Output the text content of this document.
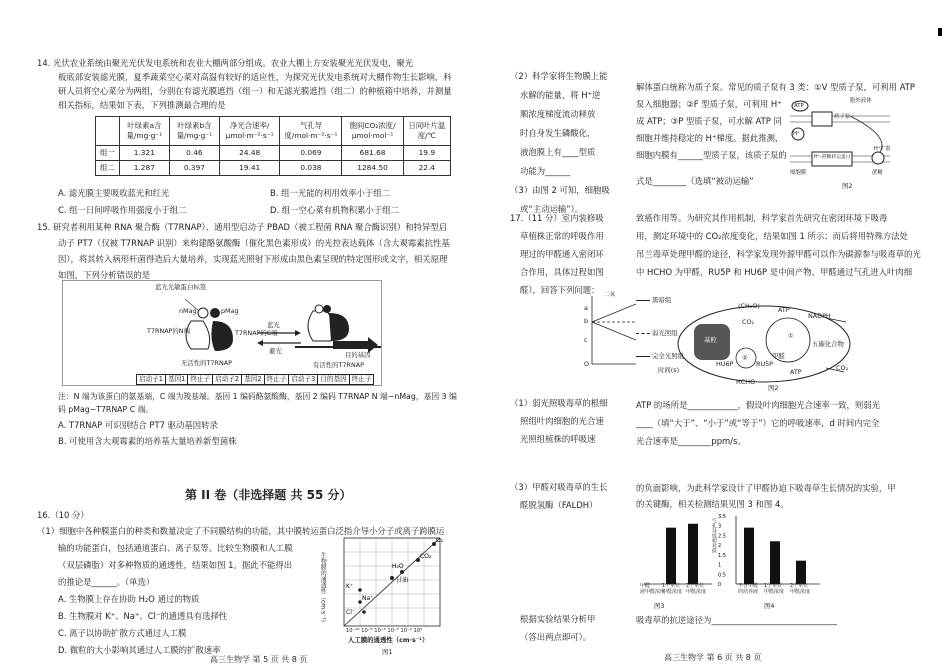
14. 光伏农业系统由聚光光伏发电系统和农业大棚两部分组成。农业大棚上方安装聚光光伏发电，聚光
板底部安装滤光膜，夏季蔬菜空心菜对高温有较好的适应性，为探究光伏发电系统对大棚作物生长影响，科
研人员将空心菜分为两组，分别在有滤光膜遮挡（组一）和无滤光膜遮挡（组二）的种植箱中培养，并测量
相关指标，结果如下表，下列推测最合理的是
	叶绿素a含量/mg·g⁻¹	叶绿素b含量/mg·g⁻¹	净光合速率/μmol·m⁻²·s⁻¹	气孔导度/mol·m⁻²·s⁻¹	胞间CO₂浓度/μmol·mol⁻¹	日间叶片温度/℃
组一	1.321	0.46	24.48	0.069	681.68	19.9
组二	1.287	0.397	19.41	0.038	1284.50	22.4
A. 滤光膜主要吸收蓝光和红光	B. 组一光能的利用效率小于组二
C. 组一日间呼吸作用强度小于组二	D. 组一空心菜有机物积累小于组二
15. 研究者利用某种 RNA 聚合酶（T7RNAP）、通用型启动子 PBAD（被工程菌 RNA 聚合酶识别）和特异型启
动子 PT7（仅被 T7RNAP 识别）来构建酪氨酸酶（催化黑色素形成）的光控表达载体（含大观霉素抗性基
因），将其转入病形杆菌得造后大量培养，实现蓝光照射下形成由黑色素呈现的特定图形或文字，相关原理
如图，下列分析错误的是
蓝光光敏蛋白标签
nMag	pMag
T7RNAP的N端	T7RNAP的C端
蓝光
避光
无活性的T7RNAP	有活性的T7RNAP
目的基因
启动子1 基因1 终止子 启动子2 基因2 终止子 启动子3 目的基因 终止子
注：N 端为该蛋白的氨基端，C 端为羧基端。基因 1 编码酪氨酸酶，基因 2 编码 T7RNAP N 端−nMag，基因 3 编
码 pMag−T7RNAP C 端。
A. T7RNAP 可识别结合 PT7 驱动基因转录
B. 可使用含大观霉素的培养基大量培养新型菌株
第 II 卷（非选择题 共 55 分）
16.（10 分）
（1）细胞中各种膜蛋白的种类和数量决定了不同膜结构的功能，其中膜转运蛋白泛指介导小分子或离子跨膜运
输的功能蛋白，包括通道蛋白、离子泵等。比较生物膜和人工膜
（双层磷脂）对多种物质的通透性，结果如图 1。据此不能得出
的推论是______。（单选）
A. 生物膜上存在协助 H₂O 通过的物质
B. 生物膜对 K⁺、Na⁺、Cl⁻的通透具有选择性
C. 离子以协助扩散方式通过人工膜
D. 微粒的大小影响其通过人工膜的扩散速率
O₂
CO₂
H₂O
甘油
K⁺
Na⁺
Cl⁻
生物膜的通透性（cm·s⁻¹）
10⁻¹⁰ 10⁻⁸ 10⁻⁶ 10⁻⁴ 10⁻² 10²
人工膜的通透性（cm·s⁻¹）
图1
高三生物学 第 5 页 共 8 页
（2）科学家将生物膜上能
水解的能量，将 H⁺逆
顺浓度梯度流动释放
时自身发生磷酸化，
液泡膜上有____型质
功能为______
（3）由图 2 可知，细胞吸
或“主动运输”）。
解体蛋白统称为质子泵。常见的质子泵有 3 类：①V 型质子泵，可利用 ATP
泵入细胞器；②F 型质子泵，可利用 H⁺
成 ATP；③P 型质子泵，可水解 ATP 同
细胞并维持稳定的 H⁺梯度。据此推测，
细胞内膜有______型质子泵，该质子泵的
式是________（选填“被动运输”
ATP
胞外液体
质子泵
H⁺
H⁺-蔗糖转运蛋白
H⁺扩散
细胞膜	蔗糖
图2
17.（11 分）室内装修吸
草植株正常的呼吸作用
理过的甲醛通入密闭环
合作用，具体过程如图
醛），回答下列问题：
致癌作用等。为研究其作用机制，科学家首先研究在密闭环境下吸毒
用，测定环境中的 CO₂浓度变化，结果如图 1 所示；而后将用特殊方法处
吊兰毒草处理甲醛的途径，科学家发现外源甲醛可以作为碳源参与吸毒草的光
中 HCHO 为甲醛，RU5P 和 HU6P 是中间产物，甲醛通过气孔进入叶肉细
二氧
a
b
c
O
黑暗组
弱光照组
完全光照组
时间(s)
(CH₂O)	ATP
NADPH
CO₂
基粒	①
五碳化合物
②
HU6P	RU5P
甲醛
ATP
HCHO
CO₂
图2
（1）弱光照吸毒草的根细
照组叶肉细胞的光合速
光照组植株的呼吸速
ATP 的场所是____________，假设叶肉细胞光合速率一致，则弱光
____（填“大于”、“小于”或“等于”）它的呼吸速率，d 时间内完全
光合速率是________ppm/s。
（3）甲醛对吸毒草的生长
醛脱氢酶（FALDH）
的负面影响，为此科学家设计了甲醛协迫下吸毒草生长情况的实验，甲
的关键酶，相关检测结果见图 3 和图 4。
甲醛
液甲醛浓度
1个单位
甲醛浓度
2个单位
甲醛浓度
图3
0
0.5
1
1.5
2
2.5
3
3.5
气孔导度相对值
不含甲醛
的培养液
1个单位
甲醛浓度
2个单位
甲醛浓度
图4
根据实验结果分析甲
（答出两点即可）。
吸毒草的抗逆途径为______________________________
高三生物学 第 6 页 共 8 页
